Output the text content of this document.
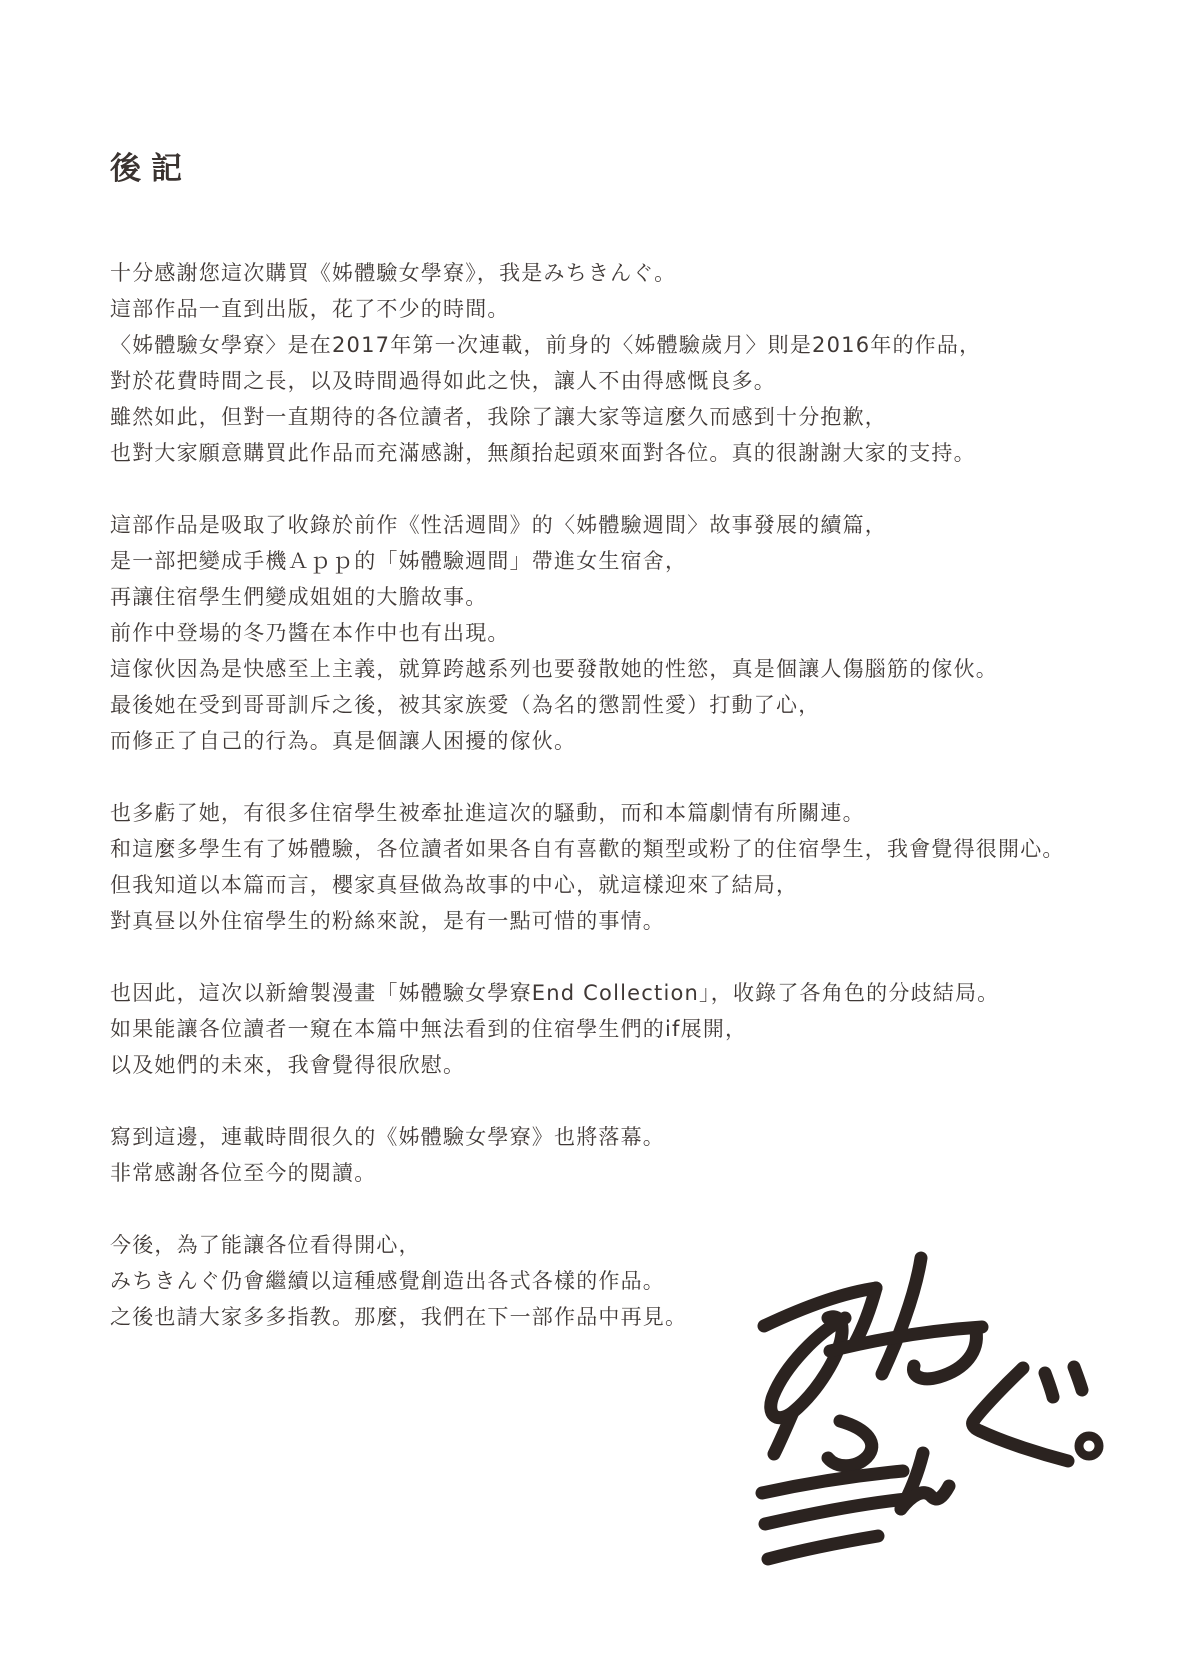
後記
十分感謝您這次購買《姊體驗女學寮》，我是みちきんぐ。
這部作品一直到出版，花了不少的時間。
〈姊體驗女學寮〉是在2017年第一次連載，前身的〈姊體驗歲月〉則是2016年的作品，
對於花費時間之長，以及時間過得如此之快，讓人不由得感慨良多。
雖然如此，但對一直期待的各位讀者，我除了讓大家等這麼久而感到十分抱歉，
也對大家願意購買此作品而充滿感謝，無顏抬起頭來面對各位。真的很謝謝大家的支持。
這部作品是吸取了收錄於前作《性活週間》的〈姊體驗週間〉故事發展的續篇，
是一部把變成手機Ａｐｐ的「姊體驗週間」帶進女生宿舍，
再讓住宿學生們變成姐姐的大膽故事。
前作中登場的冬乃醬在本作中也有出現。
這傢伙因為是快感至上主義，就算跨越系列也要發散她的性慾，真是個讓人傷腦筋的傢伙。
最後她在受到哥哥訓斥之後，被其家族愛（為名的懲罰性愛）打動了心，
而修正了自己的行為。真是個讓人困擾的傢伙。
也多虧了她，有很多住宿學生被牽扯進這次的騷動，而和本篇劇情有所關連。
和這麼多學生有了姊體驗，各位讀者如果各自有喜歡的類型或粉了的住宿學生，我會覺得很開心。
但我知道以本篇而言，櫻家真昼做為故事的中心，就這樣迎來了結局，
對真昼以外住宿學生的粉絲來說，是有一點可惜的事情。
也因此，這次以新繪製漫畫「姊體驗女學寮End Collection」，收錄了各角色的分歧結局。
如果能讓各位讀者一窺在本篇中無法看到的住宿學生們的if展開，
以及她們的未來，我會覺得很欣慰。
寫到這邊，連載時間很久的《姊體驗女學寮》也將落幕。
非常感謝各位至今的閱讀。
今後，為了能讓各位看得開心，
みちきんぐ仍會繼續以這種感覺創造出各式各樣的作品。
之後也請大家多多指教。那麼，我們在下一部作品中再見。
